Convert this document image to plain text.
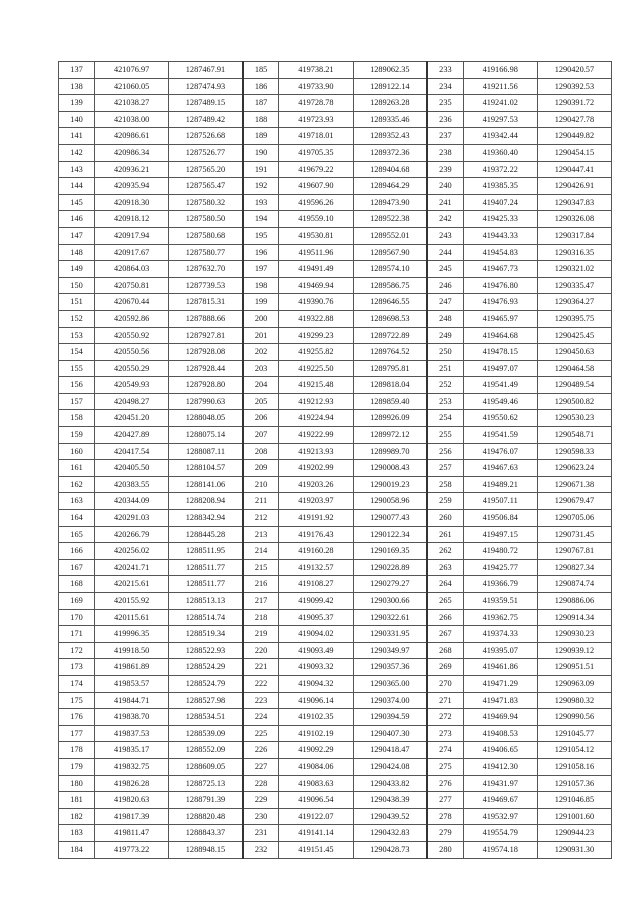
137	421076.97	1287467.91	185	419738.21	1289062.35	233	419166.98	1290420.57
138	421060.05	1287474.93	186	419733.90	1289122.14	234	419211.56	1290392.53
139	421038.27	1287489.15	187	419728.78	1289263.28	235	419241.02	1290391.72
140	421038.00	1287489.42	188	419723.93	1289335.46	236	419297.53	1290427.78
141	420986.61	1287526.68	189	419718.01	1289352.43	237	419342.44	1290449.82
142	420986.34	1287526.77	190	419705.35	1289372.36	238	419360.40	1290454.15
143	420936.21	1287565.20	191	419679.22	1289404.68	239	419372.22	1290447.41
144	420935.94	1287565.47	192	419607.90	1289464.29	240	419385.35	1290426.91
145	420918.30	1287580.32	193	419596.26	1289473.90	241	419407.24	1290347.83
146	420918.12	1287580.50	194	419559.10	1289522.38	242	419425.33	1290326.08
147	420917.94	1287580.68	195	419530.81	1289552.01	243	419443.33	1290317.84
148	420917.67	1287580.77	196	419511.96	1289567.90	244	419454.83	1290316.35
149	420864.03	1287632.70	197	419491.49	1289574.10	245	419467.73	1290321.02
150	420750.81	1287739.53	198	419469.94	1289586.75	246	419476.80	1290335.47
151	420670.44	1287815.31	199	419390.76	1289646.55	247	419476.93	1290364.27
152	420592.86	1287888.66	200	419322.88	1289698.53	248	419465.97	1290395.75
153	420550.92	1287927.81	201	419299.23	1289722.89	249	419464.68	1290425.45
154	420550.56	1287928.08	202	419255.82	1289764.52	250	419478.15	1290450.63
155	420550.29	1287928.44	203	419225.50	1289795.81	251	419497.07	1290464.58
156	420549.93	1287928.80	204	419215.48	1289818.04	252	419541.49	1290489.54
157	420498.27	1287990.63	205	419212.93	1289859.40	253	419549.46	1290500.82
158	420451.20	1288048.05	206	419224.94	1289926.09	254	419550.62	1290530.23
159	420427.89	1288075.14	207	419222.99	1289972.12	255	419541.59	1290548.71
160	420417.54	1288087.11	208	419213.93	1289989.70	256	419476.07	1290598.33
161	420405.50	1288104.57	209	419202.99	1290008.43	257	419467.63	1290623.24
162	420383.55	1288141.06	210	419203.26	1290019.23	258	419489.21	1290671.38
163	420344.09	1288208.94	211	419203.97	1290058.96	259	419507.11	1290679.47
164	420291.03	1288342.94	212	419191.92	1290077.43	260	419506.84	1290705.06
165	420266.79	1288445.28	213	419176.43	1290122.34	261	419497.15	1290731.45
166	420256.02	1288511.95	214	419160.28	1290169.35	262	419480.72	1290767.81
167	420241.71	1288511.77	215	419132.57	1290228.89	263	419425.77	1290827.34
168	420215.61	1288511.77	216	419108.27	1290279.27	264	419366.79	1290874.74
169	420155.92	1288513.13	217	419099.42	1290300.66	265	419359.51	1290886.06
170	420115.61	1288514.74	218	419095.37	1290322.61	266	419362.75	1290914.34
171	419996.35	1288519.34	219	419094.02	1290331.95	267	419374.33	1290930.23
172	419918.50	1288522.93	220	419093.49	1290349.97	268	419395.07	1290939.12
173	419861.89	1288524.29	221	419093.32	1290357.36	269	419461.86	1290951.51
174	419853.57	1288524.79	222	419094.32	1290365.00	270	419471.29	1290963.09
175	419844.71	1288527.98	223	419096.14	1290374.00	271	419471.83	1290980.32
176	419838.70	1288534.51	224	419102.35	1290394.59	272	419469.94	1290990.56
177	419837.53	1288539.09	225	419102.19	1290407.30	273	419408.53	1291045.77
178	419835.17	1288552.09	226	419092.29	1290418.47	274	419406.65	1291054.12
179	419832.75	1288609.05	227	419084.06	1290424.08	275	419412.30	1291058.16
180	419826.28	1288725.13	228	419083.63	1290433.82	276	419431.97	1291057.36
181	419820.63	1288791.39	229	419096.54	1290438.39	277	419469.67	1291046.85
182	419817.39	1288820.48	230	419122.07	1290439.52	278	419532.97	1291001.60
183	419811.47	1288843.37	231	419141.14	1290432.83	279	419554.79	1290944.23
184	419773.22	1288948.15	232	419151.45	1290428.73	280	419574.18	1290931.30
